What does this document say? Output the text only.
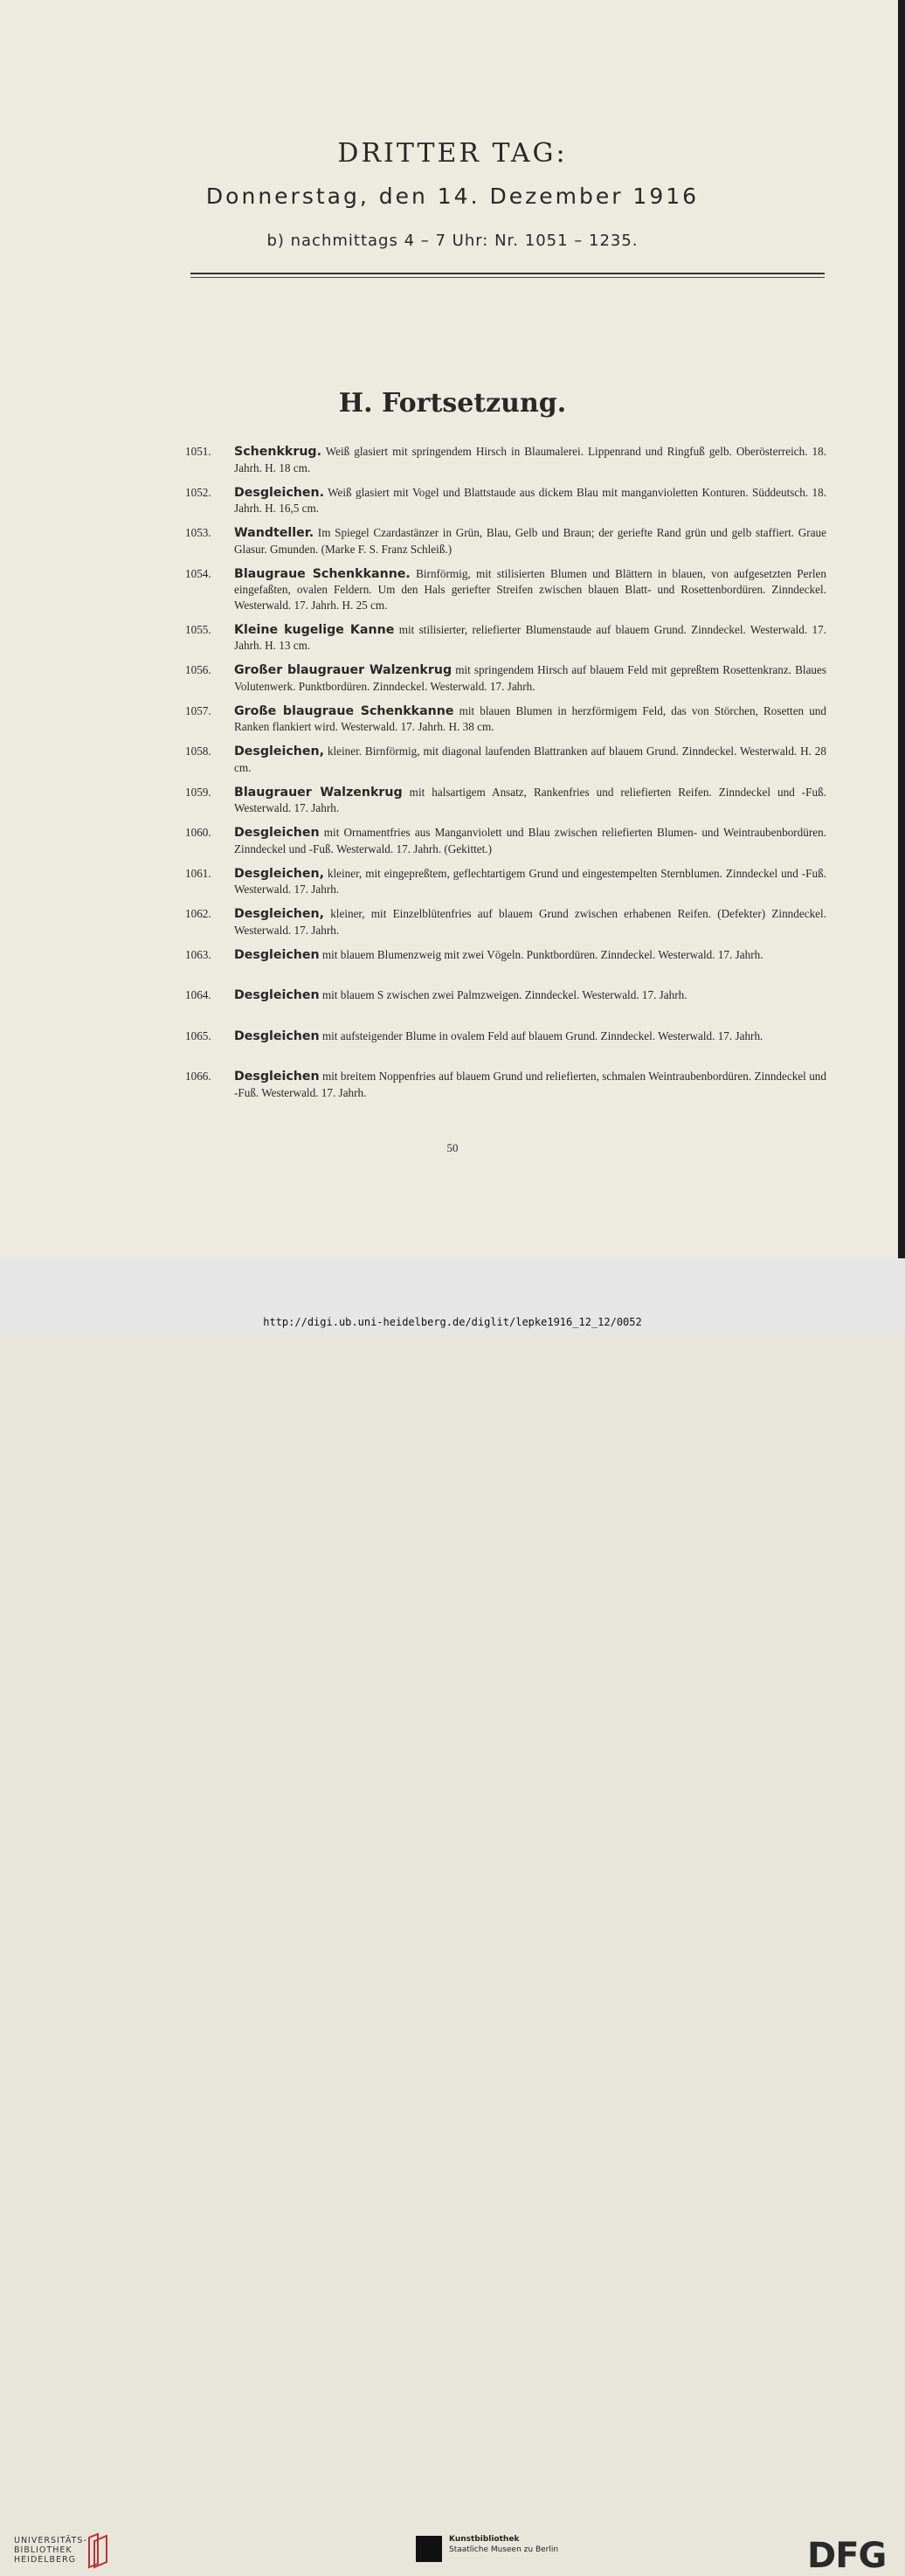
DRITTER TAG:
Donnerstag, den 14. Dezember 1916
b) nachmittags 4 – 7 Uhr: Nr. 1051 – 1235.
H. Fortsetzung.
1051.	Schenkkrug. Weiß glasiert mit springendem Hirsch in Blaumalerei. Lippenrand und Ringfuß gelb. Oberösterreich. 18. Jahrh. H. 18 cm.
1052.	Desgleichen. Weiß glasiert mit Vogel und Blattstaude aus dickem Blau mit manganvioletten Konturen. Süddeutsch. 18. Jahrh. H. 16,5 cm.
1053.	Wandteller. Im Spiegel Czardastänzer in Grün, Blau, Gelb und Braun; der geriefte Rand grün und gelb staffiert. Graue Glasur. Gmunden. (Marke F. S. Franz Schleiß.)
1054.	Blaugraue Schenkkanne. Birnförmig, mit stilisierten Blumen und Blättern in blauen, von aufgesetzten Perlen eingefaßten, ovalen Feldern. Um den Hals geriefter Streifen zwischen blauen Blatt- und Rosettenbordüren. Zinndeckel. Westerwald. 17. Jahrh. H. 25 cm.
1055.	Kleine kugelige Kanne mit stilisierter, reliefierter Blumenstaude auf blauem Grund. Zinndeckel. Westerwald. 17. Jahrh. H. 13 cm.
1056.	Großer blaugrauer Walzenkrug mit springendem Hirsch auf blauem Feld mit gepreßtem Rosettenkranz. Blaues Volutenwerk. Punktbordüren. Zinndeckel. Westerwald. 17. Jahrh.
1057.	Große blaugraue Schenkkanne mit blauen Blumen in herzförmigem Feld, das von Störchen, Rosetten und Ranken flankiert wird. Westerwald. 17. Jahrh. H. 38 cm.
1058.	Desgleichen, kleiner. Birnförmig, mit diagonal laufenden Blattranken auf blauem Grund. Zinndeckel. Westerwald. H. 28 cm.
1059.	Blaugrauer Walzenkrug mit halsartigem Ansatz, Rankenfries und reliefierten Reifen. Zinndeckel und -Fuß. Westerwald. 17. Jahrh.
1060.	Desgleichen mit Ornamentfries aus Manganviolett und Blau zwischen reliefierten Blumen- und Weintraubenbordüren. Zinndeckel und -Fuß. Westerwald. 17. Jahrh. (Gekittet.)
1061.	Desgleichen, kleiner, mit eingepreßtem, geflechtartigem Grund und eingestempelten Sternblumen. Zinndeckel und -Fuß. Westerwald. 17. Jahrh.
1062.	Desgleichen, kleiner, mit Einzelblütenfries auf blauem Grund zwischen erhabenen Reifen. (Defekter) Zinndeckel. Westerwald. 17. Jahrh.
1063.	Desgleichen mit blauem Blumenzweig mit zwei Vögeln. Punktbordüren. Zinndeckel. Westerwald. 17. Jahrh.
1064.	Desgleichen mit blauem S zwischen zwei Palmzweigen. Zinndeckel. Westerwald. 17. Jahrh.
1065.	Desgleichen mit aufsteigender Blume in ovalem Feld auf blauem Grund. Zinndeckel. Westerwald. 17. Jahrh.
1066.	Desgleichen mit breitem Noppenfries auf blauem Grund und reliefierten, schmalen Weintraubenbordüren. Zinndeckel und -Fuß. Westerwald. 17. Jahrh.
50
UNIVERSITÄTS-
BIBLIOTHEK
HEIDELBERG
Kunstbibliothek
Staatliche Museen zu Berlin	DFG
http://digi.ub.uni-heidelberg.de/diglit/lepke1916_12_12/0052
